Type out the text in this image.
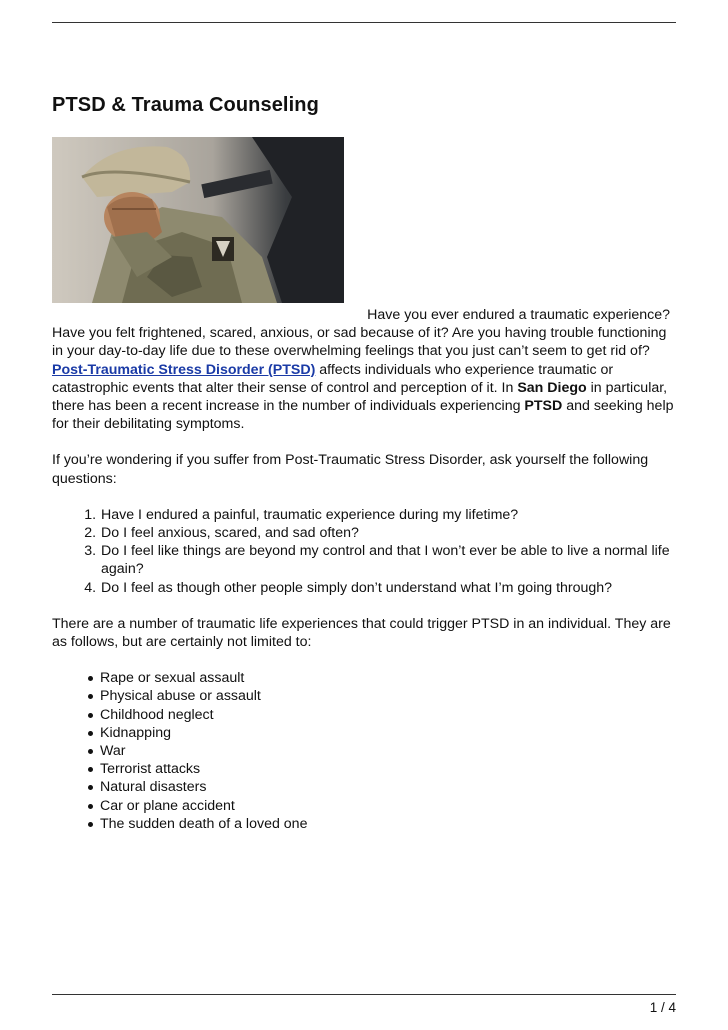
PTSD & Trauma Counseling

Have you ever endured a traumatic experience?
Have you felt frightened, scared, anxious, or sad because of it? Are you having trouble functioning in your day-to-day life due to these overwhelming feelings that you just can’t seem to get rid of? Post-Traumatic Stress Disorder (PTSD) affects individuals who experience traumatic or catastrophic events that alter their sense of control and perception of it. In San Diego in particular, there has been a recent increase in the number of individuals experiencing PTSD and seeking help for their debilitating symptoms.

If you’re wondering if you suffer from Post-Traumatic Stress Disorder, ask yourself the following questions:

1. Have I endured a painful, traumatic experience during my lifetime?
2. Do I feel anxious, scared, and sad often?
3. Do I feel like things are beyond my control and that I won’t ever be able to live a normal life again?
4. Do I feel as though other people simply don’t understand what I’m going through?

There are a number of traumatic life experiences that could trigger PTSD in an individual. They are as follows, but are certainly not limited to:

Rape or sexual assault
Physical abuse or assault
Childhood neglect
Kidnapping
War
Terrorist attacks
Natural disasters
Car or plane accident
The sudden death of a loved one
1 / 4
